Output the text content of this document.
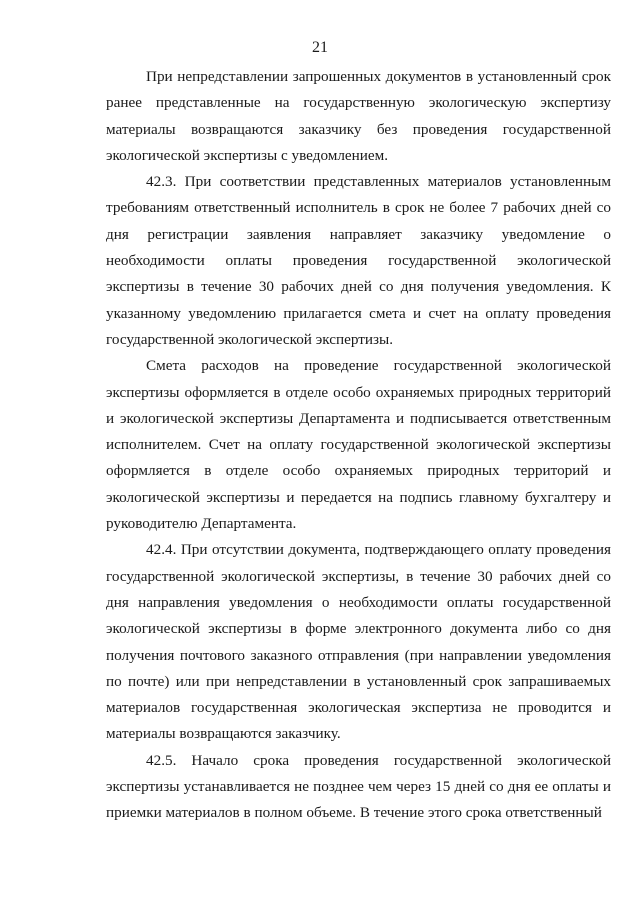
21

При непредставлении запрошенных документов в установленный срок ранее представленные на государственную экологическую экспертизу материалы возвращаются заказчику без проведения государственной экологической экспертизы с уведомлением.

42.3. При соответствии представленных материалов установленным требованиям ответственный исполнитель в срок не более 7 рабочих дней со дня регистрации заявления направляет заказчику уведомление о необходимости оплаты проведения государственной экологической экспертизы в течение 30 рабочих дней со дня получения уведомления. К указанному уведомлению прилагается смета и счет на оплату проведения государственной экологической экспертизы.

Смета расходов на проведение государственной экологической экспертизы оформляется в отделе особо охраняемых природных территорий и экологической экспертизы Департамента и подписывается ответственным исполнителем. Счет на оплату государственной экологической экспертизы оформляется в отделе особо охраняемых природных территорий и экологической экспертизы и передается на подпись главному бухгалтеру и руководителю Департамента.

42.4. При отсутствии документа, подтверждающего оплату проведения государственной экологической экспертизы, в течение 30 рабочих дней со дня направления уведомления о необходимости оплаты государственной экологической экспертизы в форме электронного документа либо со дня получения почтового заказного отправления (при направлении уведомления по почте) или при непредставлении в установленный срок запрашиваемых материалов государственная экологическая экспертиза не проводится и материалы возвращаются заказчику.

42.5. Начало срока проведения государственной экологической экспертизы устанавливается не позднее чем через 15 дней со дня ее оплаты и приемки материалов в полном объеме. В течение этого срока ответственный
